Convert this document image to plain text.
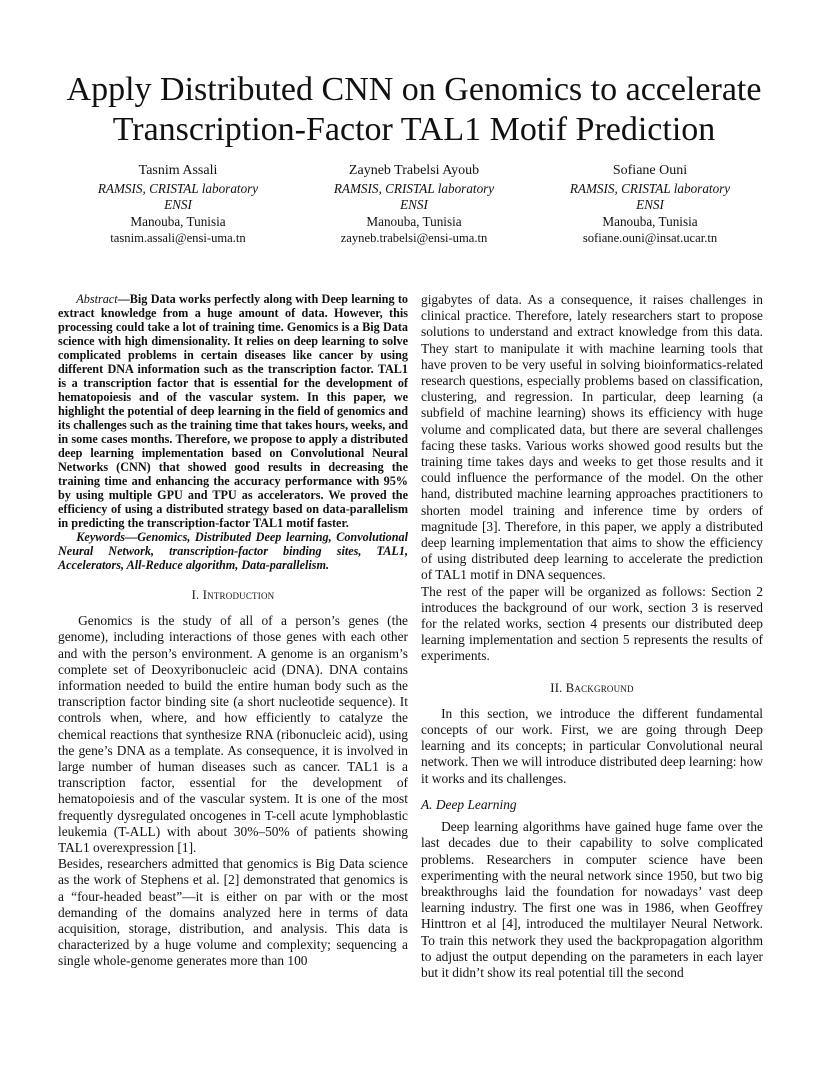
Apply Distributed CNN on Genomics to accelerate Transcription-Factor TAL1 Motif Prediction
Tasnim Assali
RAMSIS, CRISTAL laboratory
ENSI
Manouba, Tunisia
tasnim.assali@ensi-uma.tn
Zayneb Trabelsi Ayoub
RAMSIS, CRISTAL laboratory
ENSI
Manouba, Tunisia
zayneb.trabelsi@ensi-uma.tn
Sofiane Ouni
RAMSIS, CRISTAL laboratory
ENSI
Manouba, Tunisia
sofiane.ouni@insat.ucar.tn

Abstract—Big Data works perfectly along with Deep learning to extract knowledge from a huge amount of data. However, this processing could take a lot of training time. Genomics is a Big Data science with high dimensionality. It relies on deep learning to solve complicated problems in certain diseases like cancer by using different DNA information such as the transcription factor. TAL1 is a transcription factor that is essential for the development of hematopoiesis and of the vascular system. In this paper, we highlight the potential of deep learning in the field of genomics and its challenges such as the training time that takes hours, weeks, and in some cases months. Therefore, we propose to apply a distributed deep learning implementation based on Convolutional Neural Networks (CNN) that showed good results in decreasing the training time and enhancing the accuracy performance with 95% by using multiple GPU and TPU as accelerators. We proved the efficiency of using a distributed strategy based on data-parallelism in predicting the transcription-factor TAL1 motif faster.

Keywords—Genomics, Distributed Deep learning, Convolutional Neural Network, transcription-factor binding sites, TAL1, Accelerators, All-Reduce algorithm, Data-parallelism.

I. Introduction

Genomics is the study of all of a person’s genes (the genome), including interactions of those genes with each other and with the person’s environment. A genome is an organism’s complete set of Deoxyribonucleic acid (DNA). DNA contains information needed to build the entire human body such as the transcription factor binding site (a short nucleotide sequence). It controls when, where, and how efficiently to catalyze the chemical reactions that synthesize RNA (ribonucleic acid), using the gene’s DNA as a template. As consequence, it is involved in large number of human diseases such as cancer. TAL1 is a transcription factor, essential for the development of hematopoiesis and of the vascular system. It is one of the most frequently dysregulated oncogenes in T-cell acute lymphoblastic leukemia (T-ALL) with about 30%–50% of patients showing TAL1 overexpression [1].

Besides, researchers admitted that genomics is Big Data science as the work of Stephens et al. [2] demonstrated that genomics is a “four-headed beast”—it is either on par with or the most demanding of the domains analyzed here in terms of data acquisition, storage, distribution, and analysis. This data is characterized by a huge volume and complexity; sequencing a single whole-genome generates more than 100

gigabytes of data. As a consequence, it raises challenges in clinical practice. Therefore, lately researchers start to propose solutions to understand and extract knowledge from this data. They start to manipulate it with machine learning tools that have proven to be very useful in solving bioinformatics-related research questions, especially problems based on classification, clustering, and regression. In particular, deep learning (a subfield of machine learning) shows its efficiency with huge volume and complicated data, but there are several challenges facing these tasks. Various works showed good results but the training time takes days and weeks to get those results and it could influence the performance of the model. On the other hand, distributed machine learning approaches practitioners to shorten model training and inference time by orders of magnitude [3]. Therefore, in this paper, we apply a distributed deep learning implementation that aims to show the efficiency of using distributed deep learning to accelerate the prediction of TAL1 motif in DNA sequences.

The rest of the paper will be organized as follows: Section 2 introduces the background of our work, section 3 is reserved for the related works, section 4 presents our distributed deep learning implementation and section 5 represents the results of experiments.

II. Background

In this section, we introduce the different fundamental concepts of our work. First, we are going through Deep learning and its concepts; in particular Convolutional neural network. Then we will introduce distributed deep learning: how it works and its challenges.

A. Deep Learning

Deep learning algorithms have gained huge fame over the last decades due to their capability to solve complicated problems. Researchers in computer science have been experimenting with the neural network since 1950, but two big breakthroughs laid the foundation for nowadays’ vast deep learning industry. The first one was in 1986, when Geoffrey Hinttron et al [4], introduced the multilayer Neural Network. To train this network they used the backpropagation algorithm to adjust the output depending on the parameters in each layer but it didn’t show its real potential till the second
